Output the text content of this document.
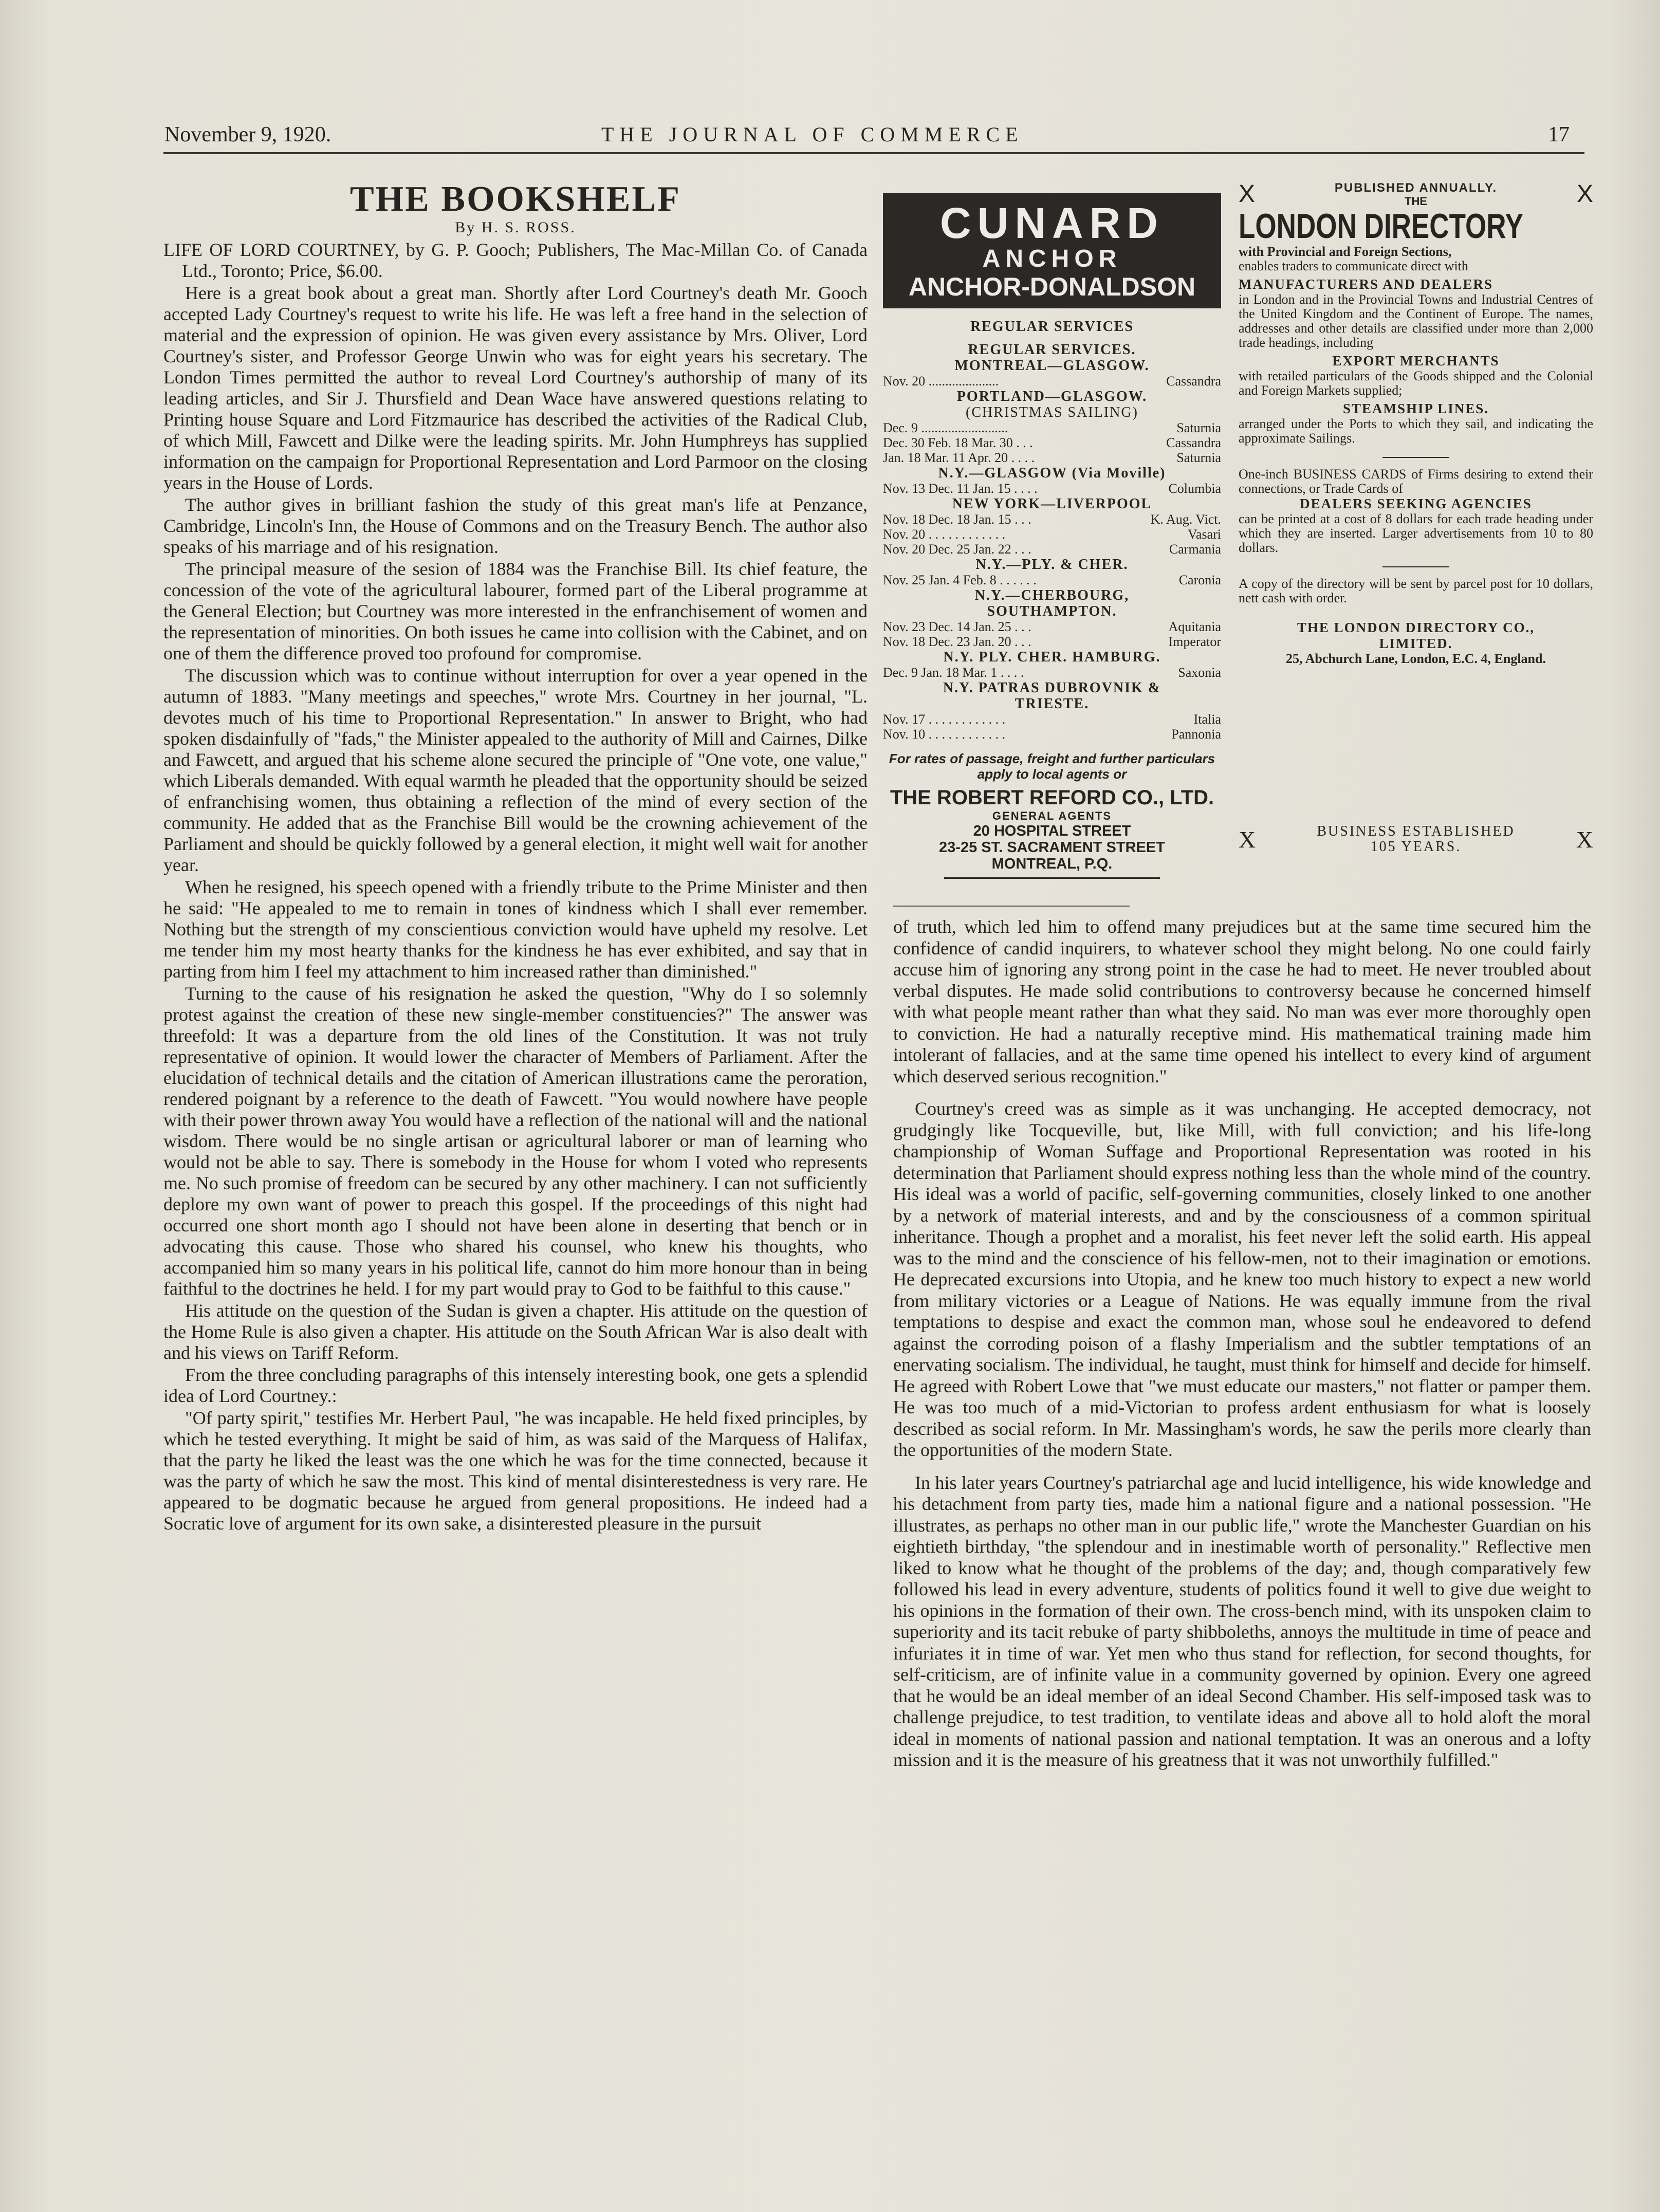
November 9, 1920.	THE JOURNAL OF COMMERCE	17
THE BOOKSHELF
By H. S. ROSS.

LIFE OF LORD COURTNEY, by G. P. Gooch; Publishers, The Mac-Millan Co. of Canada Ltd., Toronto; Price, $6.00.

Here is a great book about a great man. Shortly after Lord Courtney's death Mr. Gooch accepted Lady Courtney's request to write his life. He was left a free hand in the selection of material and the expression of opinion. He was given every assistance by Mrs. Oliver, Lord Courtney's sister, and Professor George Unwin who was for eight years his secretary. The London Times permitted the author to reveal Lord Courtney's authorship of many of its leading articles, and Sir J. Thursfield and Dean Wace have answered questions relating to Printing house Square and Lord Fitzmaurice has described the activities of the Radical Club, of which Mill, Fawcett and Dilke were the leading spirits. Mr. John Humphreys has supplied information on the campaign for Proportional Representation and Lord Parmoor on the closing years in the House of Lords.

The author gives in brilliant fashion the study of this great man's life at Penzance, Cambridge, Lincoln's Inn, the House of Commons and on the Treasury Bench. The author also speaks of his marriage and of his resignation.

The principal measure of the sesion of 1884 was the Franchise Bill. Its chief feature, the concession of the vote of the agricultural labourer, formed part of the Liberal programme at the General Election; but Courtney was more interested in the enfranchisement of women and the representation of minorities. On both issues he came into collision with the Cabinet, and on one of them the difference proved too profound for compromise.

The discussion which was to continue without interruption for over a year opened in the autumn of 1883. "Many meetings and speeches," wrote Mrs. Courtney in her journal, "L. devotes much of his time to Proportional Representation." In answer to Bright, who had spoken disdainfully of "fads," the Minister appealed to the authority of Mill and Cairnes, Dilke and Fawcett, and argued that his scheme alone secured the principle of "One vote, one value," which Liberals demanded. With equal warmth he pleaded that the opportunity should be seized of enfranchising women, thus obtaining a reflection of the mind of every section of the community. He added that as the Franchise Bill would be the crowning achievement of the Parliament and should be quickly followed by a general election, it might well wait for another year.

When he resigned, his speech opened with a friendly tribute to the Prime Minister and then he said: "He appealed to me to remain in tones of kindness which I shall ever remember. Nothing but the strength of my conscientious conviction would have upheld my resolve. Let me tender him my most hearty thanks for the kindness he has ever exhibited, and say that in parting from him I feel my attachment to him increased rather than diminished."

Turning to the cause of his resignation he asked the question, "Why do I so solemnly protest against the creation of these new single-member constituencies?" The answer was threefold: It was a departure from the old lines of the Constitution. It was not truly representative of opinion. It would lower the character of Members of Parliament. After the elucidation of technical details and the citation of American illustrations came the peroration, rendered poignant by a reference to the death of Fawcett. "You would nowhere have people with their power thrown away You would have a reflection of the national will and the national wisdom. There would be no single artisan or agricultural laborer or man of learning who would not be able to say. There is somebody in the House for whom I voted who represents me. No such promise of freedom can be secured by any other machinery. I can not sufficiently deplore my own want of power to preach this gospel. If the proceedings of this night had occurred one short month ago I should not have been alone in deserting that bench or in advocating this cause. Those who shared his counsel, who knew his thoughts, who accompanied him so many years in his political life, cannot do him more honour than in being faithful to the doctrines he held. I for my part would pray to God to be faithful to this cause."

His attitude on the question of the Sudan is given a chapter. His attitude on the question of the Home Rule is also given a chapter. His attitude on the South African War is also dealt with and his views on Tariff Reform.

From the three concluding paragraphs of this intensely interesting book, one gets a splendid idea of Lord Courtney.:

"Of party spirit," testifies Mr. Herbert Paul, "he was incapable. He held fixed principles, by which he tested everything. It might be said of him, as was said of the Marquess of Halifax, that the party he liked the least was the one which he was for the time connected, because it was the party of which he saw the most. This kind of mental disinterestedness is very rare. He appeared to be dogmatic because he argued from general propositions. He indeed had a Socratic love of argument for its own sake, a disinterested pleasure in the pursuit

CUNARD
ANCHOR
ANCHOR-DONALDSON
REGULAR SERVICES
REGULAR SERVICES.
MONTREAL—GLASGOW.
Nov. 20 .....................	Cassandra
PORTLAND—GLASGOW.
(CHRISTMAS SAILING)
Dec. 9 ..........................	Saturnia
Dec. 30 Feb. 18 Mar. 30 . . .	Cassandra
Jan. 18 Mar. 11 Apr. 20 . . . .	Saturnia
N.Y.—GLASGOW (Via Moville)
Nov. 13 Dec. 11 Jan. 15 . . . .	Columbia
NEW YORK—LIVERPOOL
Nov. 18 Dec. 18 Jan. 15 . . .	K. Aug. Vict.
Nov. 20 . . . . . . . . . . . .	Vasari
Nov. 20 Dec. 25 Jan. 22 . . .	Carmania
N.Y.—PLY. & CHER.
Nov. 25 Jan. 4 Feb. 8 . . . . . .	Caronia
N.Y.—CHERBOURG,
SOUTHAMPTON.
Nov. 23 Dec. 14 Jan. 25 . . .	Aquitania
Nov. 18 Dec. 23 Jan. 20 . . .	Imperator
N.Y. PLY. CHER. HAMBURG.
Dec. 9 Jan. 18 Mar. 1 . . . .	Saxonia
N.Y. PATRAS DUBROVNIK &
TRIESTE.
Nov. 17 . . . . . . . . . . . .	Italia
Nov. 10 . . . . . . . . . . . .	Pannonia
For rates of passage, freight and further particulars apply to local agents or
THE ROBERT REFORD CO., LTD.
GENERAL AGENTS
20 HOSPITAL STREET
23-25 ST. SACRAMENT STREET
MONTREAL, P.Q.
X	X
PUBLISHED ANNUALLY.
THE
LONDON DIRECTORY
with Provincial and Foreign Sections,
enables traders to communicate direct with
MANUFACTURERS AND DEALERS
in London and in the Provincial Towns and Industrial Centres of the United Kingdom and the Continent of Europe. The names, addresses and other details are classified under more than 2,000 trade headings, including
EXPORT MERCHANTS
with retailed particulars of the Goods shipped and the Colonial and Foreign Markets supplied;
STEAMSHIP LINES.
arranged under the Ports to which they sail, and indicating the approximate Sailings.
One-inch BUSINESS CARDS of Firms desiring to extend their connections, or Trade Cards of
DEALERS SEEKING AGENCIES
can be printed at a cost of 8 dollars for each trade heading under which they are inserted. Larger advertisements from 10 to 80 dollars.
A copy of the directory will be sent by parcel post for 10 dollars, nett cash with order.
THE LONDON DIRECTORY CO.,
LIMITED.
25, Abchurch Lane, London, E.C. 4, England.
X	X
BUSINESS ESTABLISHED
105 YEARS.

of truth, which led him to offend many prejudices but at the same time secured him the confidence of candid inquirers, to whatever school they might belong. No one could fairly accuse him of ignoring any strong point in the case he had to meet. He never troubled about verbal disputes. He made solid contributions to controversy because he concerned himself with what people meant rather than what they said. No man was ever more thoroughly open to conviction. He had a naturally receptive mind. His mathematical training made him intolerant of fallacies, and at the same time opened his intellect to every kind of argument which deserved serious recognition."

Courtney's creed was as simple as it was unchanging. He accepted democracy, not grudgingly like Tocqueville, but, like Mill, with full conviction; and his life-long championship of Woman Suffage and Proportional Representation was rooted in his determination that Parliament should express nothing less than the whole mind of the country. His ideal was a world of pacific, self-governing communities, closely linked to one another by a network of material interests, and and by the consciousness of a common spiritual inheritance. Though a prophet and a moralist, his feet never left the solid earth. His appeal was to the mind and the conscience of his fellow-men, not to their imagination or emotions. He deprecated excursions into Utopia, and he knew too much history to expect a new world from military victories or a League of Nations. He was equally immune from the rival temptations to despise and exact the common man, whose soul he endeavored to defend against the corroding poison of a flashy Imperialism and the subtler temptations of an enervating socialism. The individual, he taught, must think for himself and decide for himself. He agreed with Robert Lowe that "we must educate our masters," not flatter or pamper them. He was too much of a mid-Victorian to profess ardent enthusiasm for what is loosely described as social reform. In Mr. Massingham's words, he saw the perils more clearly than the opportunities of the modern State.

In his later years Courtney's patriarchal age and lucid intelligence, his wide knowledge and his detachment from party ties, made him a national figure and a national possession. "He illustrates, as perhaps no other man in our public life," wrote the Manchester Guardian on his eightieth birthday, "the splendour and in inestimable worth of personality." Reflective men liked to know what he thought of the problems of the day; and, though comparatively few followed his lead in every adventure, students of politics found it well to give due weight to his opinions in the formation of their own. The cross-bench mind, with its unspoken claim to superiority and its tacit rebuke of party shibboleths, annoys the multitude in time of peace and infuriates it in time of war. Yet men who thus stand for reflection, for second thoughts, for self-criticism, are of infinite value in a community governed by opinion. Every one agreed that he would be an ideal member of an ideal Second Chamber. His self-imposed task was to challenge prejudice, to test tradition, to ventilate ideas and above all to hold aloft the moral ideal in moments of national passion and national temptation. It was an onerous and a lofty mission and it is the measure of his greatness that it was not unworthily fulfilled."
